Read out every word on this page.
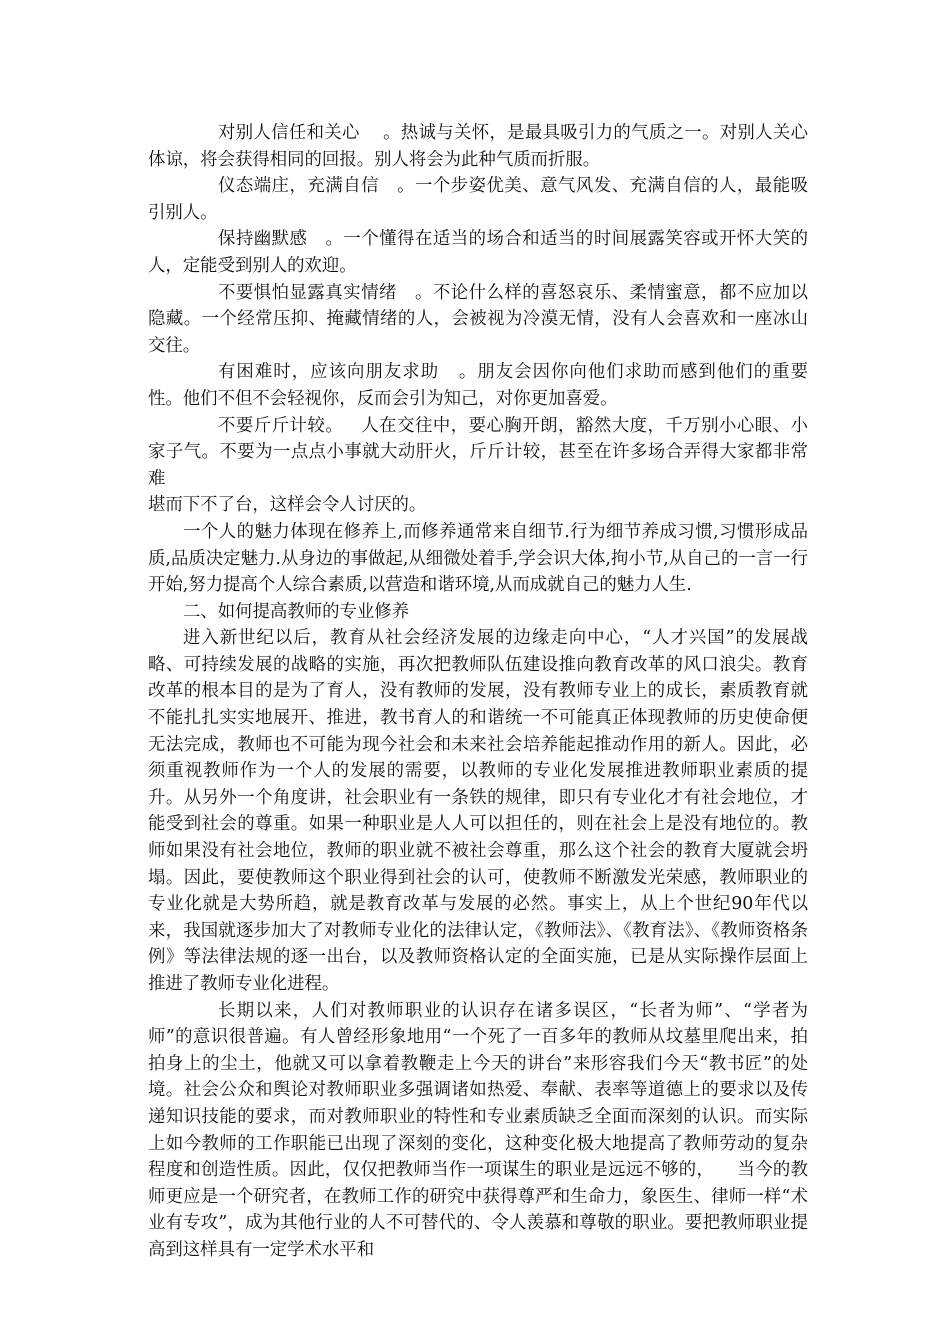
对别人信任和关心 。热诚与关怀，是最具吸引力的气质之一。对别人关心体谅，将会获得相同的回报。别人将会为此种气质而折服。

仪态端庄，充满自信 。一个步姿优美、意气风发、充满自信的人，最能吸引别人。

保持幽默感 。一个懂得在适当的场合和适当的时间展露笑容或开怀大笑的人，定能受到别人的欢迎。

不要惧怕显露真实情绪 。不论什么样的喜怒哀乐、柔情蜜意，都不应加以隐藏。一个经常压抑、掩藏情绪的人，会被视为冷漠无情，没有人会喜欢和一座冰山交往。

有困难时，应该向朋友求助 。朋友会因你向他们求助而感到他们的重要性。他们不但不会轻视你，反而会引为知己，对你更加喜爱。

不要斤斤计较。 人在交往中，要心胸开朗，豁然大度，千万别小心眼、小家子气。不要为一点点小事就大动肝火，斤斤计较，甚至在许多场合弄得大家都非常难

堪而下不了台，这样会令人讨厌的。

一个人的魅力体现在修养上,而修养通常来自细节.行为细节养成习惯,习惯形成品质,品质决定魅力.从身边的事做起,从细微处着手,学会识大体,拘小节,从自己的一言一行开始,努力提高个人综合素质,以营造和谐环境,从而成就自己的魅力人生.

二、如何提高教师的专业修养

进入新世纪以后，教育从社会经济发展的边缘走向中心，“人才兴国”的发展战略、可持续发展的战略的实施，再次把教师队伍建设推向教育改革的风口浪尖。教育改革的根本目的是为了育人，没有教师的发展，没有教师专业上的成长，素质教育就不能扎扎实实地展开、推进，教书育人的和谐统一不可能真正体现教师的历史使命便无法完成，教师也不可能为现今社会和未来社会培养能起推动作用的新人。因此，必须重视教师作为一个人的发展的需要，以教师的专业化发展推进教师职业素质的提升。从另外一个角度讲，社会职业有一条铁的规律，即只有专业化才有社会地位，才能受到社会的尊重。如果一种职业是人人可以担任的，则在社会上是没有地位的。教师如果没有社会地位，教师的职业就不被社会尊重，那么这个社会的教育大厦就会坍塌。因此，要使教师这个职业得到社会的认可，使教师不断激发光荣感，教师职业的专业化就是大势所趋，就是教育改革与发展的必然。事实上，从上个世纪90年代以来，我国就逐步加大了对教师专业化的法律认定，《教师法》、《教育法》、《教师资格条例》等法律法规的逐一出台，以及教师资格认定的全面实施，已是从实际操作层面上推进了教师专业化进程。

长期以来，人们对教师职业的认识存在诸多误区，“长者为师”、“学者为师”的意识很普遍。有人曾经形象地用“一个死了一百多年的教师从坟墓里爬出来，拍拍身上的尘土，他就又可以拿着教鞭走上今天的讲台”来形容我们今天“教书匠”的处境。社会公众和舆论对教师职业多强调诸如热爱、奉献、表率等道德上的要求以及传递知识技能的要求，而对教师职业的特性和专业素质缺乏全面而深刻的认识。而实际上如今教师的工作职能已出现了深刻的变化，这种变化极大地提高了教师劳动的复杂程度和创造性质。因此，仅仅把教师当作一项谋生的职业是远远不够的， 当今的教师更应是一个研究者，在教师工作的研究中获得尊严和生命力，象医生、律师一样“术业有专攻”，成为其他行业的人不可替代的、令人羡慕和尊敬的职业。要把教师职业提高到这样具有一定学术水平和
